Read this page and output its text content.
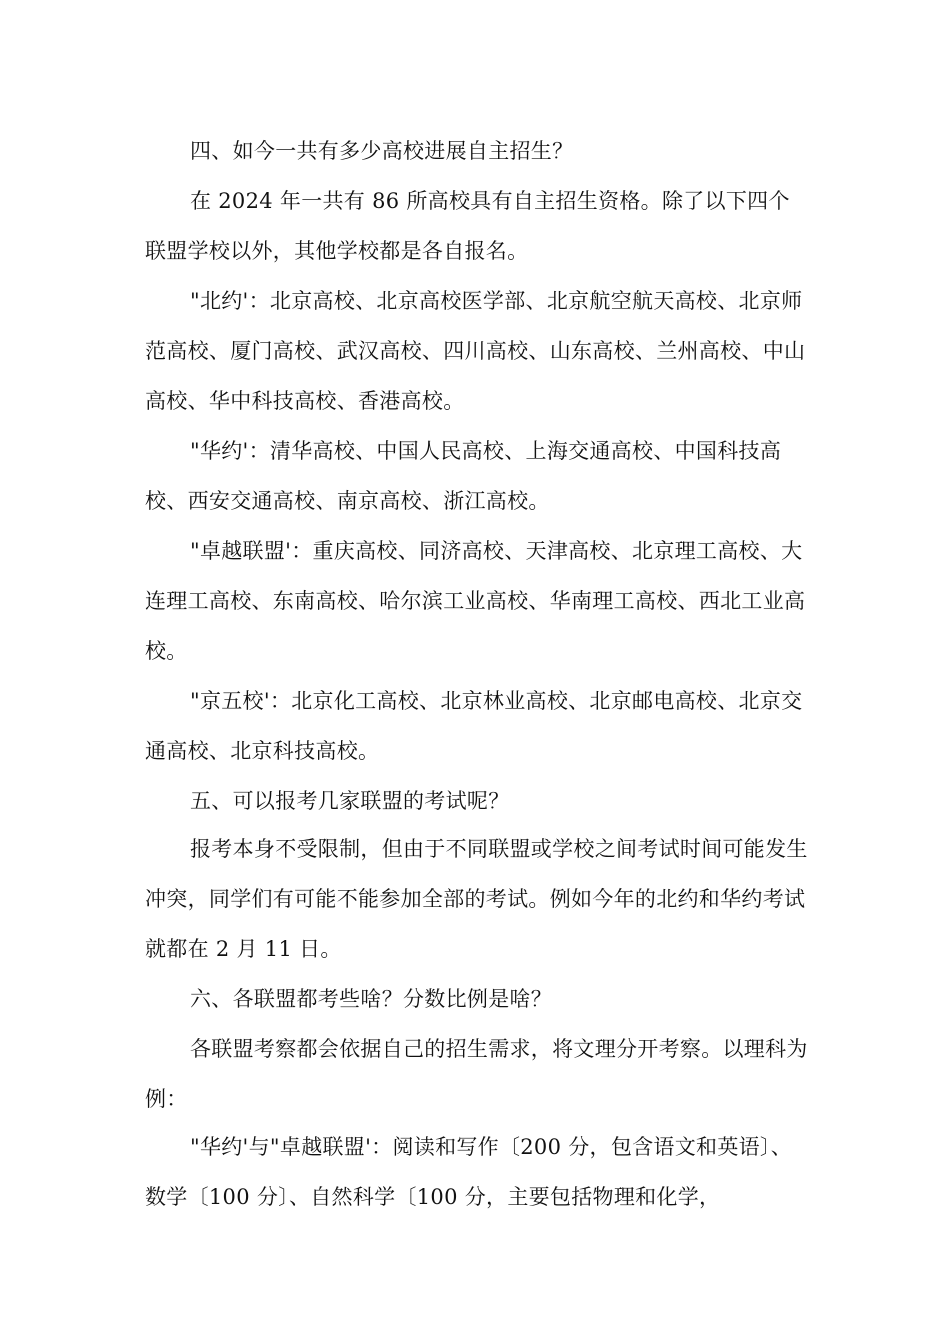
四、如今一共有多少高校进展自主招生？

在 2024 年一共有 86 所高校具有自主招生资格。除了以下四个联盟学校以外，其他学校都是各自报名。

"北约'：北京高校、北京高校医学部、北京航空航天高校、北京师范高校、厦门高校、武汉高校、四川高校、山东高校、兰州高校、中山高校、华中科技高校、香港高校。

"华约'：清华高校、中国人民高校、上海交通高校、中国科技高校、西安交通高校、南京高校、浙江高校。

"卓越联盟'：重庆高校、同济高校、天津高校、北京理工高校、大连理工高校、东南高校、哈尔滨工业高校、华南理工高校、西北工业高校。

"京五校'：北京化工高校、北京林业高校、北京邮电高校、北京交通高校、北京科技高校。

五、可以报考几家联盟的考试呢？

报考本身不受限制，但由于不同联盟或学校之间考试时间可能发生冲突，同学们有可能不能参加全部的考试。例如今年的北约和华约考试就都在 2 月 11 日。

六、各联盟都考些啥？分数比例是啥？

各联盟考察都会依据自己的招生需求，将文理分开考察。以理科为例：

"华约'与"卓越联盟'：阅读和写作〔200 分，包含语文和英语〕、数学〔100 分〕、自然科学〔100 分，主要包括物理和化学，
